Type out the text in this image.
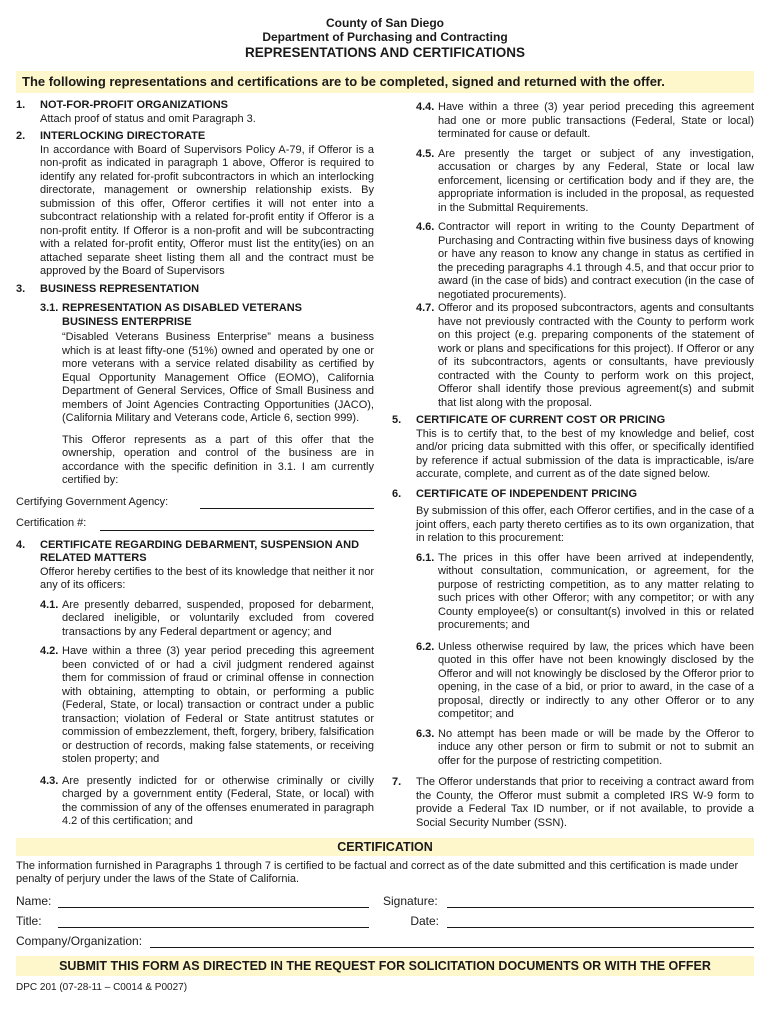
County of San Diego
Department of Purchasing and Contracting
REPRESENTATIONS AND CERTIFICATIONS
The following representations and certifications are to be completed, signed and returned with the offer.
1.	NOT-FOR-PROFIT ORGANIZATIONS
Attach proof of status and omit Paragraph 3.
2.	INTERLOCKING DIRECTORATE
In accordance with Board of Supervisors Policy A-79, if Offeror is a non-profit as indicated in paragraph 1 above, Offeror is required to identify any related for-profit subcontractors in which an interlocking directorate, management or ownership relationship exists. By submission of this offer, Offeror certifies it will not enter into a subcontract relationship with a related for-profit entity if Offeror is a non-profit entity. If Offeror is a non-profit and will be subcontracting with a related for-profit entity, Offeror must list the entity(ies) on an attached separate sheet listing them all and the contract must be approved by the Board of Supervisors
3.	BUSINESS REPRESENTATION
3.1. REPRESENTATION AS DISABLED VETERANS
BUSINESS ENTERPRISE
“Disabled Veterans Business Enterprise” means a business which is at least fifty-one (51%) owned and operated by one or more veterans with a service related disability as certified by Equal Opportunity Management Office (EOMO), California Department of General Services, Office of Small Business and members of Joint Agencies Contracting Opportunities (JACO), (California Military and Veterans code, Article 6, section 999).
This Offeror represents as a part of this offer that the ownership, operation and control of the business are in accordance with the specific definition in 3.1. I am currently certified by:
Certifying Government Agency:
Certification #:
4.	CERTIFICATE REGARDING DEBARMENT, SUSPENSION AND
RELATED MATTERS
Offeror hereby certifies to the best of its knowledge that neither it nor any of its officers:
4.1. Are presently debarred, suspended, proposed for debarment, declared ineligible, or voluntarily excluded from covered transactions by any Federal department or agency; and
4.2. Have within a three (3) year period preceding this agreement been convicted of or had a civil judgment rendered against them for commission of fraud or criminal offense in connection with obtaining, attempting to obtain, or performing a public (Federal, State, or local) transaction or contract under a public transaction; violation of Federal or State antitrust statutes or commission of embezzlement, theft, forgery, bribery, falsification or destruction of records, making false statements, or receiving stolen property; and
4.3. Are presently indicted for or otherwise criminally or civilly charged by a government entity (Federal, State, or local) with the commission of any of the offenses enumerated in paragraph 4.2 of this certification; and
4.4. Have within a three (3) year period preceding this agreement had one or more public transactions (Federal, State or local) terminated for cause or default.
4.5. Are presently the target or subject of any investigation, accusation or charges by any Federal, State or local law enforcement, licensing or certification body and if they are, the appropriate information is included in the proposal, as requested in the Submittal Requirements.
4.6. Contractor will report in writing to the County Department of Purchasing and Contracting within five business days of knowing or have any reason to know any change in status as certified in the preceding paragraphs 4.1 through 4.5, and that occur prior to award (in the case of bids) and contract execution (in the case of negotiated procurements).
4.7. Offeror and its proposed subcontractors, agents and consultants have not previously contracted with the County to perform work on this project (e.g. preparing components of the statement of work or plans and specifications for this project). If Offeror or any of its subcontractors, agents or consultants, have previously contracted with the County to perform work on this project, Offeror shall identify those previous agreement(s) and submit that list along with the proposal.
5.	CERTIFICATE OF CURRENT COST OR PRICING
This is to certify that, to the best of my knowledge and belief, cost and/or pricing data submitted with this offer, or specifically identified by reference if actual submission of the data is impracticable, is/are accurate, complete, and current as of the date signed below.
6.	CERTIFICATE OF INDEPENDENT PRICING
By submission of this offer, each Offeror certifies, and in the case of a joint offers, each party thereto certifies as to its own organization, that in relation to this procurement:
6.1. The prices in this offer have been arrived at independently, without consultation, communication, or agreement, for the purpose of restricting competition, as to any matter relating to such prices with other Offeror; with any competitor; or with any County employee(s) or consultant(s) involved in this or related procurements; and
6.2. Unless otherwise required by law, the prices which have been quoted in this offer have not been knowingly disclosed by the Offeror and will not knowingly be disclosed by the Offeror prior to opening, in the case of a bid, or prior to award, in the case of a proposal, directly or indirectly to any other Offeror or to any competitor; and
6.3. No attempt has been made or will be made by the Offeror to induce any other person or firm to submit or not to submit an offer for the purpose of restricting competition.
7.	The Offeror understands that prior to receiving a contract award from the County, the Offeror must submit a completed IRS W-9 form to provide a Federal Tax ID number, or if not available, to provide a Social Security Number (SSN).
CERTIFICATION
The information furnished in Paragraphs 1 through 7 is certified to be factual and correct as of the date submitted and this certification is made under penalty of perjury under the laws of the State of California.
Name:	Signature:
Title:	Date:
Company/Organization:
SUBMIT THIS FORM AS DIRECTED IN THE REQUEST FOR SOLICITATION DOCUMENTS OR WITH THE OFFER
DPC 201 (07-28-11 – C0014 & P0027)
